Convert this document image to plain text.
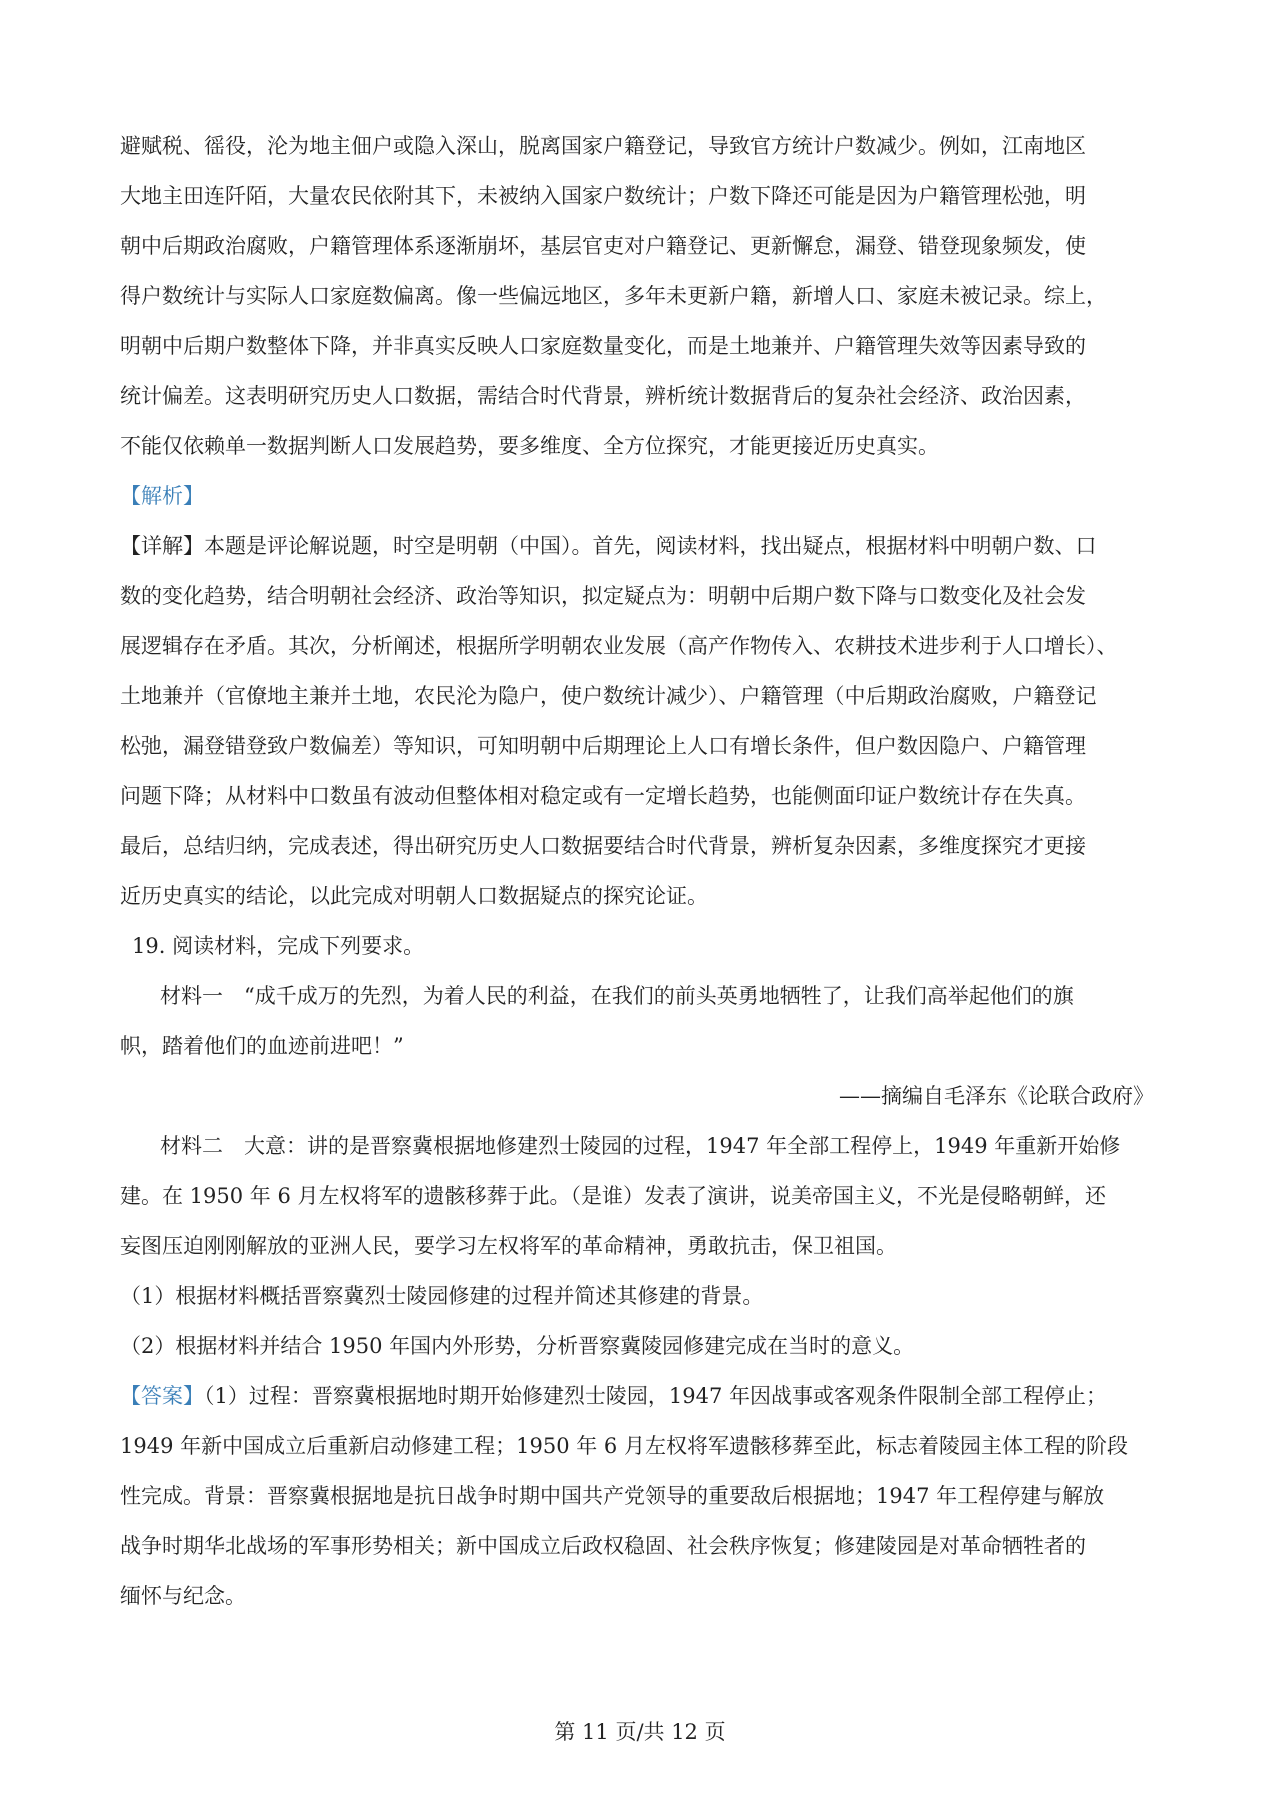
避赋税、徭役，沦为地主佃户或隐入深山，脱离国家户籍登记，导致官方统计户数减少。例如，江南地区
大地主田连阡陌，大量农民依附其下，未被纳入国家户数统计；户数下降还可能是因为户籍管理松弛，明
朝中后期政治腐败，户籍管理体系逐渐崩坏，基层官吏对户籍登记、更新懈怠，漏登、错登现象频发，使
得户数统计与实际人口家庭数偏离。像一些偏远地区，多年未更新户籍，新增人口、家庭未被记录。综上，
明朝中后期户数整体下降，并非真实反映人口家庭数量变化，而是土地兼并、户籍管理失效等因素导致的
统计偏差。这表明研究历史人口数据，需结合时代背景，辨析统计数据背后的复杂社会经济、政治因素，
不能仅依赖单一数据判断人口发展趋势，要多维度、全方位探究，才能更接近历史真实。
【解析】
【详解】本题是评论解说题，时空是明朝（中国）。首先，阅读材料，找出疑点，根据材料中明朝户数、口
数的变化趋势，结合明朝社会经济、政治等知识，拟定疑点为：明朝中后期户数下降与口数变化及社会发
展逻辑存在矛盾。其次，分析阐述，根据所学明朝农业发展（高产作物传入、农耕技术进步利于人口增长）、
土地兼并（官僚地主兼并土地，农民沦为隐户，使户数统计减少）、户籍管理（中后期政治腐败，户籍登记
松弛，漏登错登致户数偏差）等知识，可知明朝中后期理论上人口有增长条件，但户数因隐户、户籍管理
问题下降；从材料中口数虽有波动但整体相对稳定或有一定增长趋势，也能侧面印证户数统计存在失真。
最后，总结归纳，完成表述，得出研究历史人口数据要结合时代背景，辨析复杂因素，多维度探究才更接
近历史真实的结论，以此完成对明朝人口数据疑点的探究论证。
19. 阅读材料，完成下列要求。
材料一　“成千成万的先烈，为着人民的利益，在我们的前头英勇地牺牲了，让我们高举起他们的旗
帜，踏着他们的血迹前进吧！”
——摘编自毛泽东《论联合政府》
材料二　大意：讲的是晋察冀根据地修建烈士陵园的过程，1947 年全部工程停上，1949 年重新开始修
建。在 1950 年 6 月左权将军的遗骸移葬于此。（是谁）发表了演讲，说美帝国主义，不光是侵略朝鲜，还
妄图压迫刚刚解放的亚洲人民，要学习左权将军的革命精神，勇敢抗击，保卫祖国。
（1）根据材料概括晋察冀烈士陵园修建的过程并简述其修建的背景。
（2）根据材料并结合 1950 年国内外形势，分析晋察冀陵园修建完成在当时的意义。
【答案】（1）过程：晋察冀根据地时期开始修建烈士陵园，1947 年因战事或客观条件限制全部工程停止；
1949 年新中国成立后重新启动修建工程；1950 年 6 月左权将军遗骸移葬至此，标志着陵园主体工程的阶段
性完成。背景：晋察冀根据地是抗日战争时期中国共产党领导的重要敌后根据地；1947 年工程停建与解放
战争时期华北战场的军事形势相关；新中国成立后政权稳固、社会秩序恢复；修建陵园是对革命牺牲者的
缅怀与纪念。
第 11 页/共 12 页
